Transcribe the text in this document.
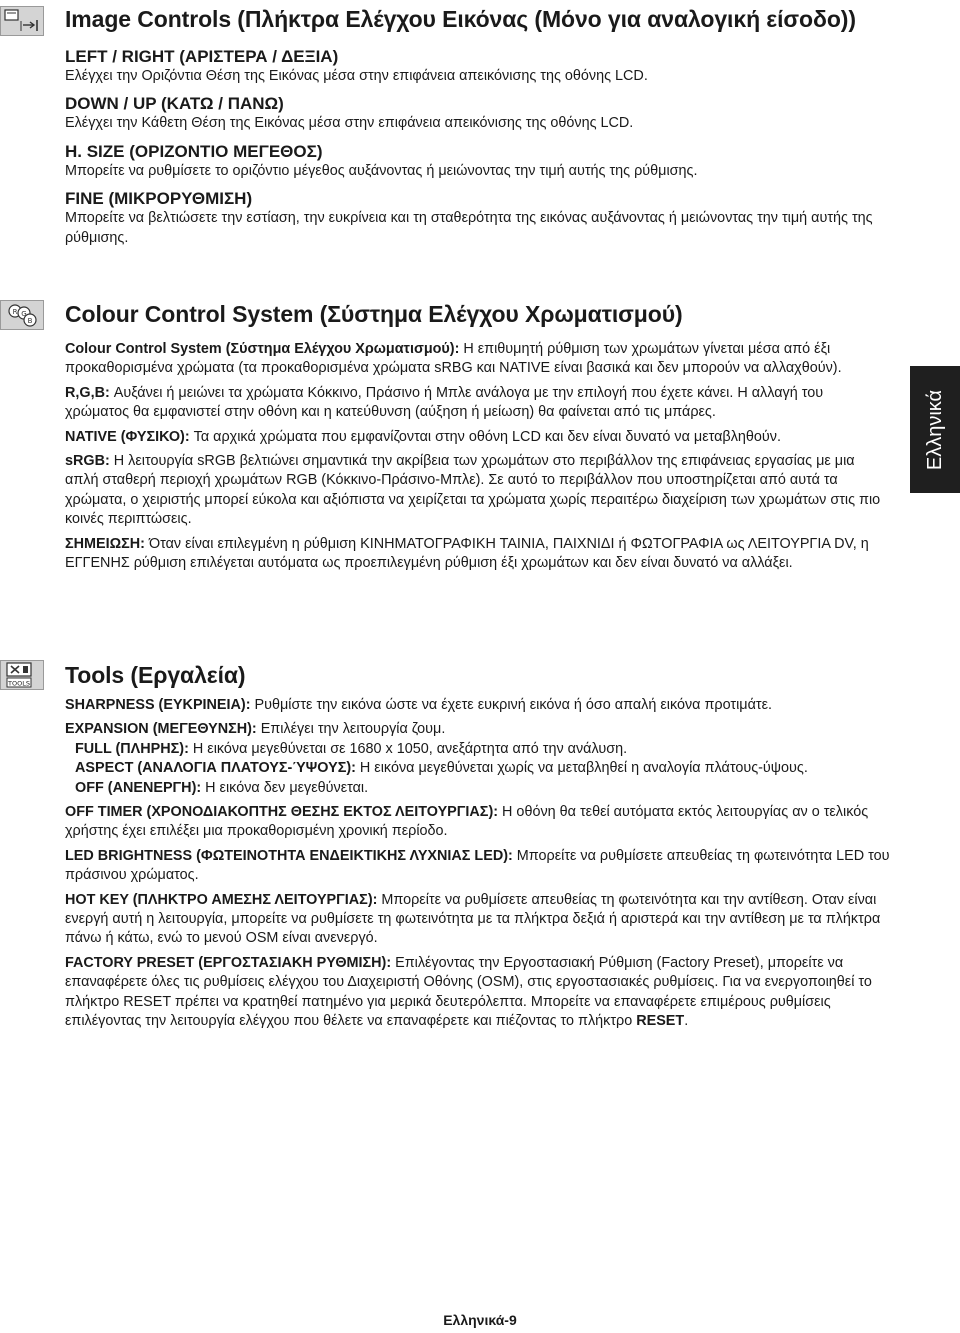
Image Controls (Πλήκτρα Ελέγχου Εικόνας (Μόνο για αναλογική είσοδο))
LEFT / RIGHT (ΑΡΙΣΤΕΡΑ / ΔΕΞΙΑ)

Ελέγχει την Οριζόντια Θέση της Εικόνας μέσα στην επιφάνεια απεικόνισης της οθόνης LCD.

DOWN / UP (ΚΑΤΩ / ΠΑΝΩ)

Ελέγχει την Κάθετη Θέση της Εικόνας μέσα στην επιφάνεια απεικόνισης της οθόνης LCD.

H. SIZE (ΟΡΙΖΟΝΤΙΟ ΜΕΓΕΘΟΣ)

Μπορείτε να ρυθμίσετε το οριζόντιο μέγεθος αυξάνοντας ή μειώνοντας την τιμή αυτής της ρύθμισης.

FINE (ΜΙΚΡΟΡΥΘΜΙΣΗ)

Μπορείτε να βελτιώσετε την εστίαση, την ευκρίνεια και τη σταθερότητα της εικόνας αυξάνοντας ή μειώνοντας την τιμή αυτής της ρύθμισης.

R G
B Colour Control System (Σύστημα Ελέγχου Χρωματισμού)

Colour Control System (Σύστημα Ελέγχου Χρωματισμού): Η επιθυμητή ρύθμιση των χρωμάτων γίνεται μέσα από έξι προκαθορισμένα χρώματα (τα προκαθορισμένα χρώματα sRBG και NATIVE είναι βασικά και δεν μπορούν να αλλαχθούν).

R,G,B: Αυξάνει ή μειώνει τα χρώματα Κόκκινο, Πράσινο ή Μπλε ανάλογα με την επιλογή που έχετε κάνει. Η αλλαγή του χρώματος θα εμφανιστεί στην οθόνη και η κατεύθυνση (αύξηση ή μείωση) θα φαίνεται από τις μπάρες.

NATIVE (ΦΥΣΙΚΟ): Τα αρχικά χρώματα που εμφανίζονται στην οθόνη LCD και δεν είναι δυνατό να μεταβληθούν.

sRGB: Η λειτουργία sRGB βελτιώνει σημαντικά την ακρίβεια των χρωμάτων στο περιβάλλον της επιφάνειας εργασίας με μια απλή σταθερή περιοχή χρωμάτων RGB (Κόκκινο-Πράσινο-Μπλε). Σε αυτό το περιβάλλον που υποστηρίζεται από αυτά τα χρώματα, ο χειριστής μπορεί εύκολα και αξιόπιστα να χειρίζεται τα χρώματα χωρίς περαιτέρω διαχείριση των χρωμάτων στις πιο κοινές περιπτώσεις.

ΣΗΜΕΙΩΣΗ: Όταν είναι επιλεγμένη η ρύθμιση ΚΙΝΗΜΑΤΟΓΡΑΦΙΚΗ ΤΑΙΝΙΑ, ΠΑΙΧΝΙΔΙ ή ΦΩΤΟΓΡΑΦΙΑ ως ΛΕΙΤΟΥΡΓΙΑ DV, η ΕΓΓΕΝΗΣ ρύθμιση επιλέγεται αυτόματα ως προεπιλεγμένη ρύθμιση έξι χρωμάτων και δεν είναι δυνατό να αλλάξει.

Ελληνικά
TOOLS Tools (Εργαλεία)

SHARPNESS (ΕΥΚΡΙΝΕΙΑ): Ρυθμίστε την εικόνα ώστε να έχετε ευκρινή εικόνα ή όσο απαλή εικόνα προτιμάτε.

EXPANSION (ΜΕΓΕΘΥΝΣΗ): Επιλέγει την λειτουργία ζουμ.

FULL (ΠΛΗΡΗΣ): Η εικόνα μεγεθύνεται σε 1680 x 1050, ανεξάρτητα από την ανάλυση.

ASPECT (ΑΝΑΛΟΓΙΑ ΠΛΑΤΟΥΣ-ΎΨΟΥΣ): Η εικόνα μεγεθύνεται χωρίς να μεταβληθεί η αναλογία πλάτους-ύψους.

OFF (ΑΝΕΝΕΡΓΗ): Η εικόνα δεν μεγεθύνεται.

OFF TIMER (ΧΡΟΝΟΔΙΑΚΟΠΤΗΣ ΘΕΣΗΣ ΕΚΤΟΣ ΛΕΙΤΟΥΡΓΙΑΣ): Η οθόνη θα τεθεί αυτόματα εκτός λειτουργίας αν ο τελικός χρήστης έχει επιλέξει μια προκαθορισμένη χρονική περίοδο.

LED BRIGHTNESS (ΦΩΤΕΙΝΟΤΗΤΑ ΕΝΔΕΙΚΤΙΚΗΣ ΛΥΧΝΙΑΣ LED): Μπορείτε να ρυθμίσετε απευθείας τη φωτεινότητα LED του πράσινου χρώματος.

HOT KEY (ΠΛΗΚΤΡΟ ΑΜΕΣΗΣ ΛΕΙΤΟΥΡΓΙΑΣ): Μπορείτε να ρυθμίσετε απευθείας τη φωτεινότητα και την αντίθεση. Οταν είναι ενεργή αυτή η λειτουργία, μπορείτε να ρυθμίσετε τη φωτεινότητα με τα πλήκτρα δεξιά ή αριστερά και την αντίθεση με τα πλήκτρα πάνω ή κάτω, ενώ το μενού OSM είναι ανενεργό.

FACTORY PRESET (ΕΡΓΟΣΤΑΣΙΑΚΗ ΡΥΘΜΙΣΗ): Επιλέγοντας την Εργοστασιακή Ρύθμιση (Factory Preset), μπορείτε να επαναφέρετε όλες τις ρυθμίσεις ελέγχου του Διαχειριστή Οθόνης (OSM), στις εργοστασιακές ρυθμίσεις. Για να ενεργοποιηθεί το πλήκτρο RESET πρέπει να κρατηθεί πατημένο για μερικά δευτερόλεπτα. Μπορείτε να επαναφέρετε επιμέρους ρυθμίσεις επιλέγοντας την λειτουργία ελέγχου που θέλετε να επαναφέρετε και πιέζοντας το πλήκτρο RESET.

Ελληνικά-9
